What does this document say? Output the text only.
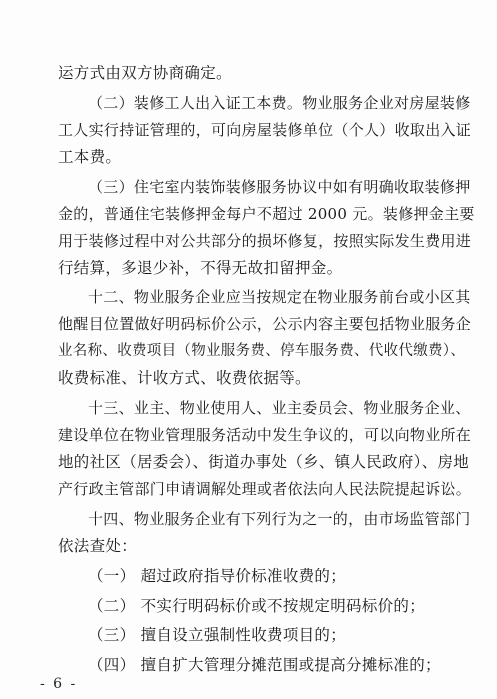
运方式由双方协商确定。
（二）装修工人出入证工本费。物业服务企业对房屋装修
工人实行持证管理的，可向房屋装修单位（个人）收取出入证
工本费。
（三）住宅室内装饰装修服务协议中如有明确收取装修押
金的，普通住宅装修押金每户不超过 2000 元。装修押金主要
用于装修过程中对公共部分的损坏修复，按照实际发生费用进
行结算，多退少补，不得无故扣留押金。
十二、物业服务企业应当按规定在物业服务前台或小区其
他醒目位置做好明码标价公示，公示内容主要包括物业服务企
业名称、收费项目（物业服务费、停车服务费、代收代缴费）、
收费标准、计收方式、收费依据等。
十三、业主、物业使用人、业主委员会、物业服务企业、
建设单位在物业管理服务活动中发生争议的，可以向物业所在
地的社区（居委会）、街道办事处（乡、镇人民政府）、房地
产行政主管部门申请调解处理或者依法向人民法院提起诉讼。
十四、物业服务企业有下列行为之一的，由市场监管部门
依法查处：
（一） 超过政府指导价标准收费的；
（二） 不实行明码标价或不按规定明码标价的；
（三） 擅自设立强制性收费项目的；
（四） 擅自扩大管理分摊范围或提高分摊标准的；
- 6 -
